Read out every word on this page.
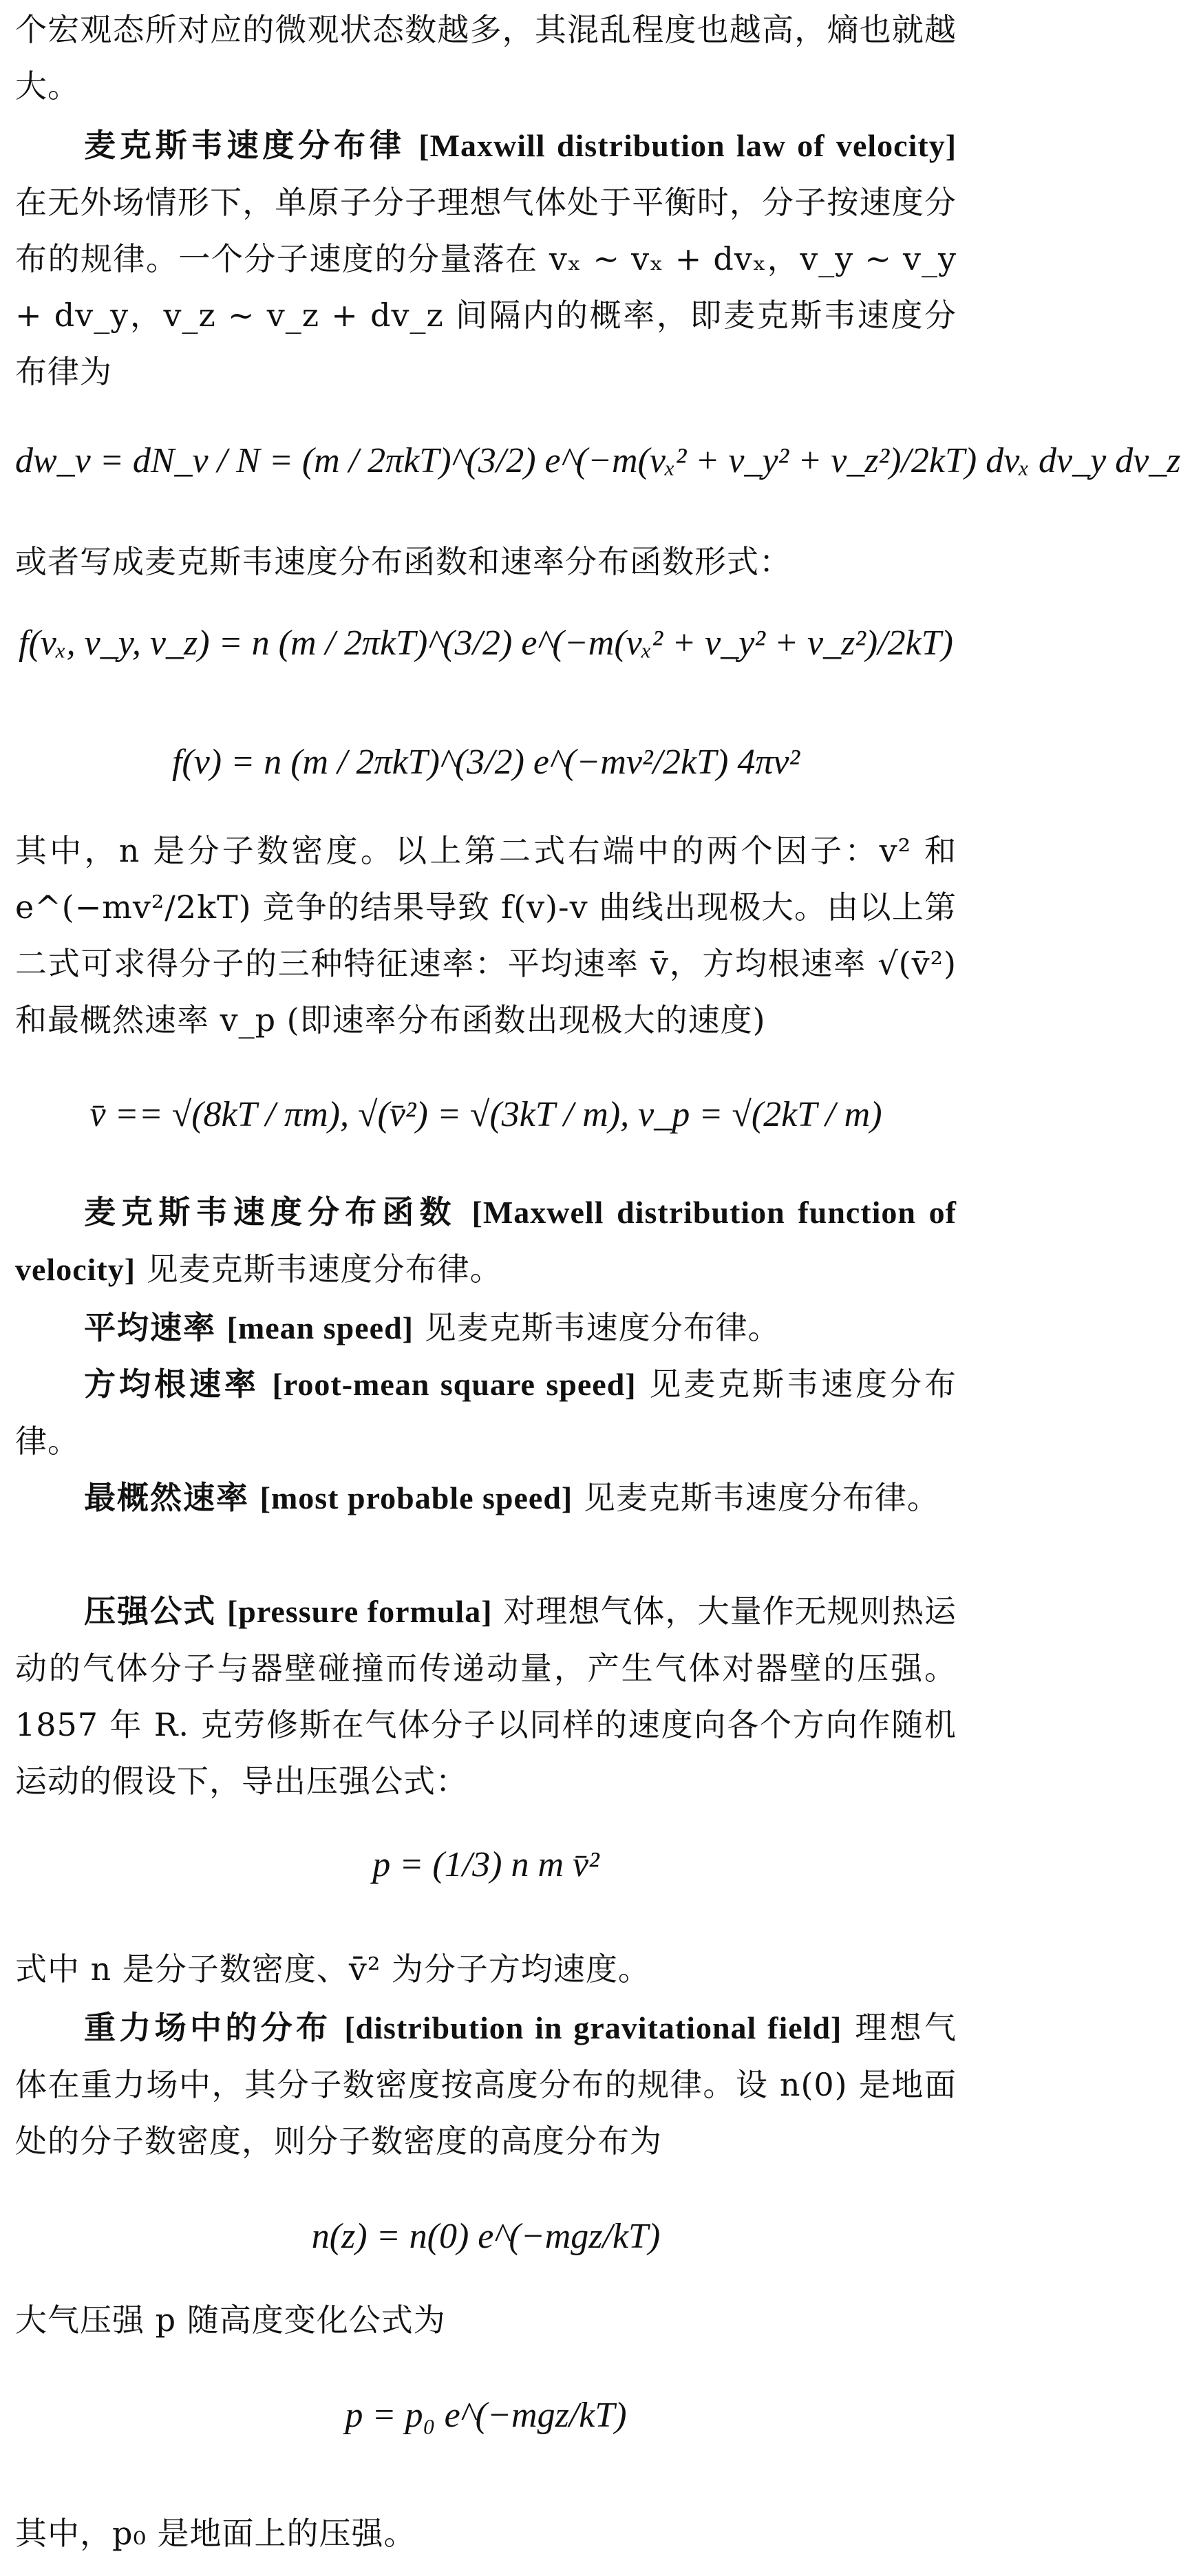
个宏观态所对应的微观状态数越多，其混乱程度也越高，熵也就越大。

麦克斯韦速度分布律 [Maxwill distribution law of velocity] 在无外场情形下，单原子分子理想气体处于平衡时，分子按速度分布的规律。一个分子速度的分量落在 vₓ ~ vₓ + dvₓ，v_y ~ v_y + dv_y，v_z ~ v_z + dv_z 间隔内的概率，即麦克斯韦速度分布律为

dw_v = dN_v / N = (m / 2πkT)^(3/2) e^(−m(vₓ² + v_y² + v_z²)/2kT) dvₓ dv_y dv_z

或者写成麦克斯韦速度分布函数和速率分布函数形式：

f(vₓ, v_y, v_z) = n (m / 2πkT)^(3/2) e^(−m(vₓ² + v_y² + v_z²)/2kT)

f(v) = n (m / 2πkT)^(3/2) e^(−mv²/2kT) 4πv²

其中，n 是分子数密度。以上第二式右端中的两个因子：v² 和 e^(−mv²/2kT) 竞争的结果导致 f(v)-v 曲线出现极大。由以上第二式可求得分子的三种特征速率：平均速率 v̄，方均根速率 √(v̄²) 和最概然速率 v_p (即速率分布函数出现极大的速度)

v̄ == √(8kT / πm), √(v̄²) = √(3kT / m), v_p = √(2kT / m)

麦克斯韦速度分布函数 [Maxwell distribution function of velocity] 见麦克斯韦速度分布律。

平均速率 [mean speed] 见麦克斯韦速度分布律。

方均根速率 [root-mean square speed] 见麦克斯韦速度分布律。

最概然速率 [most probable speed] 见麦克斯韦速度分布律。

压强公式 [pressure formula] 对理想气体，大量作无规则热运动的气体分子与器壁碰撞而传递动量，产生气体对器壁的压强。1857 年 R. 克劳修斯在气体分子以同样的速度向各个方向作随机运动的假设下，导出压强公式：

p = (1/3) n m v̄²

式中 n 是分子数密度、v̄² 为分子方均速度。

重力场中的分布 [distribution in gravitational field] 理想气体在重力场中，其分子数密度按高度分布的规律。设 n(0) 是地面处的分子数密度，则分子数密度的高度分布为

n(z) = n(0) e^(−mgz/kT)

大气压强 p 随高度变化公式为

p = p₀ e^(−mgz/kT)

其中，p₀ 是地面上的压强。
